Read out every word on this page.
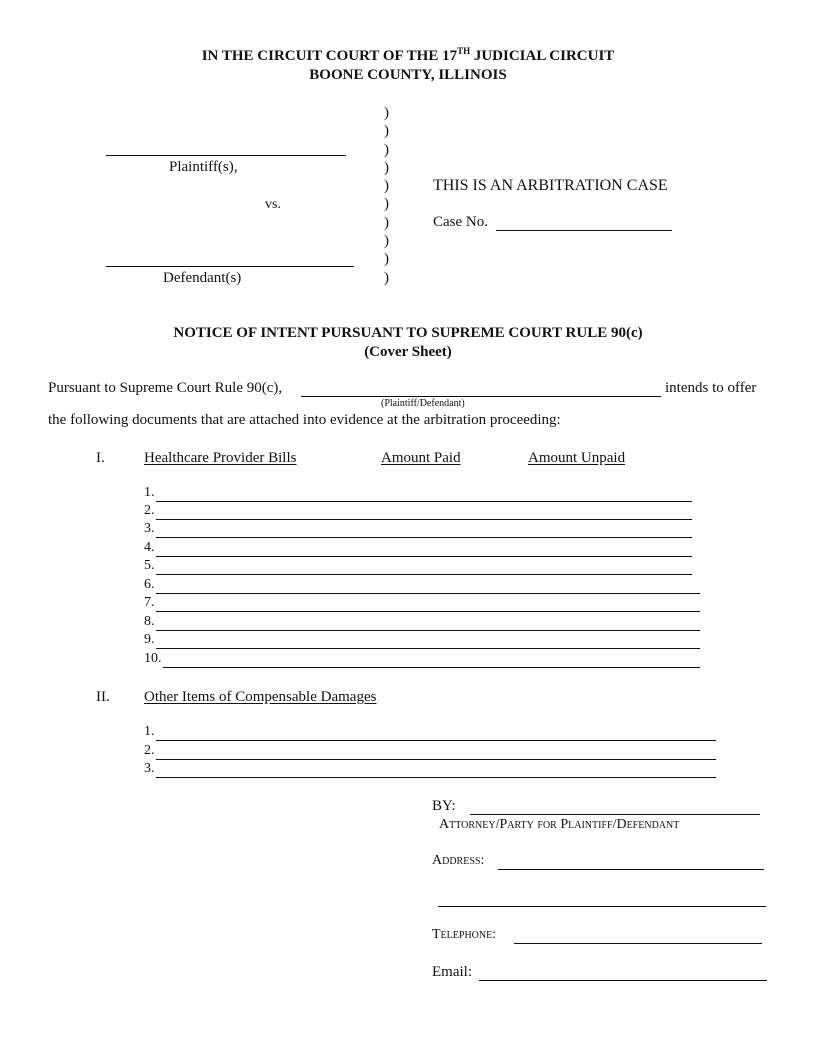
IN THE CIRCUIT COURT OF THE 17TH JUDICIAL CIRCUIT
BOONE COUNTY, ILLINOIS
Plaintiff(s),
vs.
Defendant(s)
)
)
)
)
)
)
)
)
)
)
THIS IS AN ARBITRATION CASE
Case No.
NOTICE OF INTENT PURSUANT TO SUPREME COURT RULE 90(c)
(Cover Sheet)
Pursuant to Supreme Court Rule 90(c),	intends to offer
(Plaintiff/Defendant)
the following documents that are attached into evidence at the arbitration proceeding:
I.	Healthcare Provider Bills	Amount Paid	Amount Unpaid
1.
2.
3.
4.
5.
6.
7.
8.
9.
10.
II. Other Items of Compensable Damages
1.
2.
3.
BY:
Attorney/Party for Plaintiff/Defendant
Address:
Telephone:
Email:
